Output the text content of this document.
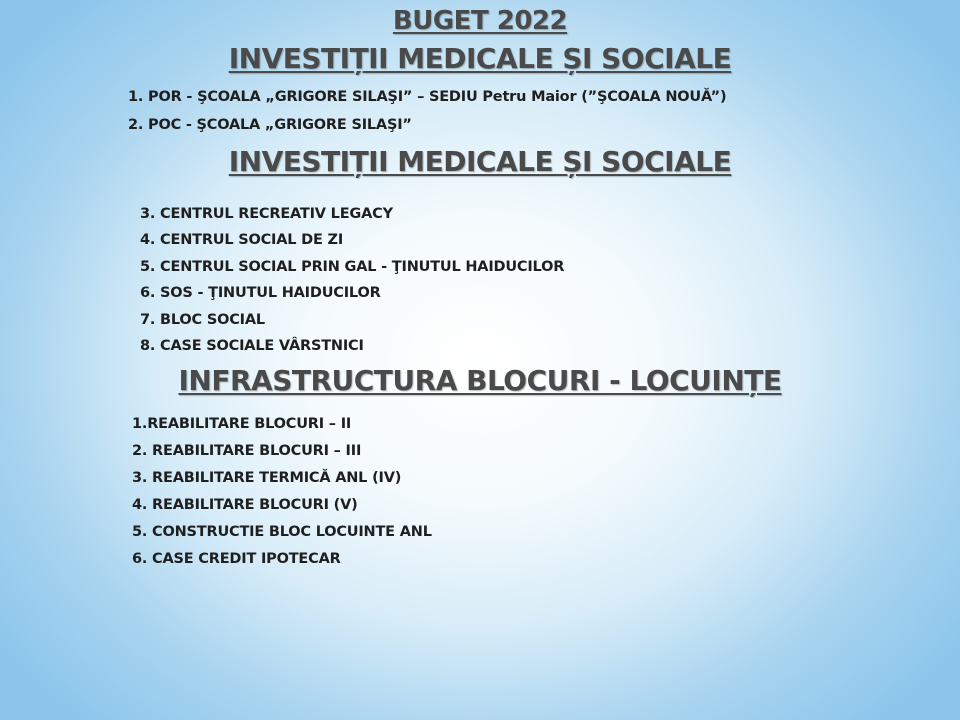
BUGET 2022
INVESTIȚII MEDICALE ȘI SOCIALE
1. POR - ŞCOALA „GRIGORE SILAŞI” – SEDIU Petru Maior (”ŞCOALA NOUĂ”)
2. POC - ŞCOALA „GRIGORE SILAŞI”
INVESTIȚII MEDICALE ȘI SOCIALE
3. CENTRUL RECREATIV LEGACY
4. CENTRUL SOCIAL DE ZI
5. CENTRUL SOCIAL PRIN GAL - ŢINUTUL HAIDUCILOR
6. SOS - ŢINUTUL HAIDUCILOR
7. BLOC SOCIAL
8. CASE SOCIALE VÂRSTNICI
INFRASTRUCTURA BLOCURI - LOCUINȚE
1.REABILITARE BLOCURI – II
2. REABILITARE BLOCURI – III
3. REABILITARE TERMICĂ ANL (IV)
4. REABILITARE BLOCURI (V)
5. CONSTRUCTIE BLOC LOCUINTE ANL
6. CASE CREDIT IPOTECAR
